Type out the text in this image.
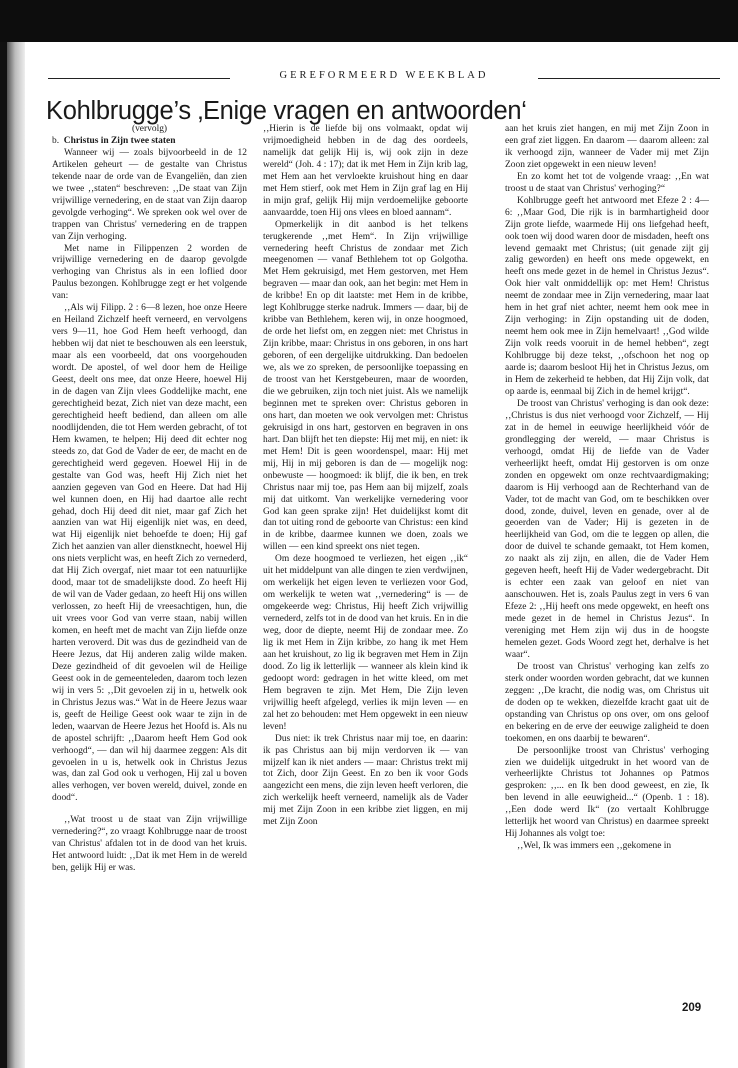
GEREFORMEERD WEEKBLAD
Kohlbrugge’s ‚Enige vragen en antwoorden‘

(vervolg)

b. Christus in Zijn twee staten

Wanneer wij — zoals bijvoorbeeld in de 12 Artikelen geheurt — de gestalte van Christus tekende naar de orde van de Evangeliën, dan zien we twee ‚‚staten“ beschreven: ‚‚De staat van Zijn vrijwillige vernedering, en de staat van Zijn daarop gevolgde verhoging“. We spreken ook wel over de trappen van Christus' vernedering en de trappen van Zijn verhoging.

Met name in Filippenzen 2 worden de vrijwillige vernedering en de daarop gevolgde verhoging van Christus als in een loflied door Paulus bezongen. Kohlbrugge zegt er het volgende van:

‚‚Als wij Filipp. 2 : 6—8 lezen, hoe onze Heere en Heiland Zichzelf heeft verneerd, en vervolgens vers 9—11, hoe God Hem heeft verhoogd, dan hebben wij dat niet te beschouwen als een leerstuk, maar als een voorbeeld, dat ons voorgehouden wordt. De apostel, of wel door hem de Heilige Geest, deelt ons mee, dat onze Heere, hoewel Hij in de dagen van Zijn vlees Goddelijke macht, ene gerechtigheid bezat, Zich niet van deze macht, een gerechtigheid heeft bediend, dan alleen om alle noodlijdenden, die tot Hem werden gebracht, of tot Hem kwamen, te helpen; Hij deed dit echter nog steeds zo, dat God de Vader de eer, de macht en de gerechtigheid werd gegeven. Hoewel Hij in de gestalte van God was, heeft Hij Zich niet het aanzien gegeven van God en Heere. Dat had Hij wel kunnen doen, en Hij had daartoe alle recht gehad, doch Hij deed dit niet, maar gaf Zich het aanzien van wat Hij eigenlijk niet was, en deed, wat Hij eigenlijk niet behoefde te doen; Hij gaf Zich het aanzien van aller dienstknecht, hoewel Hij ons niets verplicht was, en heeft Zich zo vernederd, dat Hij Zich overgaf, niet maar tot een natuurlijke dood, maar tot de smadelijkste dood. Zo heeft Hij de wil van de Vader gedaan, zo heeft Hij ons willen verlossen, zo heeft Hij de vreesachtigen, hun, die uit vrees voor God van verre staan, nabij willen komen, en heeft met de macht van Zijn liefde onze harten veroverd. Dit was dus de gezindheid van de Heere Jezus, dat Hij anderen zalig wilde maken. Deze gezindheid of dit gevoelen wil de Heilige Geest ook in de gemeenteleden, daarom toch lezen wij in vers 5: ‚‚Dit gevoelen zij in u, hetwelk ook in Christus Jezus was.“ Wat in de Heere Jezus waar is, geeft de Heilige Geest ook waar te zijn in de leden, waarvan de Heere Jezus het Hoofd is. Als nu de apostel schrijft: ‚‚Daarom heeft Hem God ook verhoogd“, — dan wil hij daarmee zeggen: Als dit gevoelen in u is, hetwelk ook in Christus Jezus was, dan zal God ook u verhogen, Hij zal u boven alles verhogen, ver boven wereld, duivel, zonde en dood“.

‚‚Wat troost u de staat van Zijn vrijwillige vernedering?“, zo vraagt Kohlbrugge naar de troost van Christus' afdalen tot in de dood van het kruis. Het antwoord luidt: ‚‚Dat ik met Hem in de wereld ben, gelijk Hij er was.

‚‚Hierin is de liefde bij ons volmaakt, opdat wij vrijmoedigheid hebben in de dag des oordeels, namelijk dat gelijk Hij is, wij ook zijn in deze wereld“ (Joh. 4 : 17); dat ik met Hem in Zijn krib lag, met Hem aan het vervloekte kruishout hing en daar met Hem stierf, ook met Hem in Zijn graf lag en Hij in mijn graf, gelijk Hij mijn verdoemelijke geboorte aanvaardde, toen Hij ons vlees en bloed aannam“.

Opmerkelijk in dit aanbod is het telkens terugkerende ‚‚met Hem“. In Zijn vrijwillige vernedering heeft Christus de zondaar met Zich meegenomen — vanaf Bethlehem tot op Golgotha. Met Hem gekruisigd, met Hem gestorven, met Hem begraven — maar dan ook, aan het begin: met Hem in de kribbe! En op dit laatste: met Hem in de kribbe, legt Kohlbrugge sterke nadruk. Immers — daar, bij de kribbe van Bethlehem, keren wij, in onze hoogmoed, de orde het liefst om, en zeggen niet: met Christus in Zijn kribbe, maar: Christus in ons geboren, in ons hart geboren, of een dergelijke uitdrukking. Dan bedoelen we, als we zo spreken, de persoonlijke toepassing en de troost van het Kerstgebeuren, maar de woorden, die we gebruiken, zijn toch niet juist. Als we namelijk beginnen met te spreken over: Christus geboren in ons hart, dan moeten we ook vervolgen met: Christus gekruisigd in ons hart, gestorven en begraven in ons hart. Dan blijft het ten diepste: Hij met mij, en niet: ik met Hem! Dit is geen woordenspel, maar: Hij met mij, Hij in mij geboren is dan de — mogelijk nog: onbewuste — hoogmoed: ik blijf, die ik ben, en trek Christus naar mij toe, pas Hem aan bij mijzelf, zoals mij dat uitkomt. Van werkelijke vernedering voor God kan geen sprake zijn! Het duidelijkst komt dit dan tot uiting rond de geboorte van Christus: een kind in de kribbe, daarmee kunnen we doen, zoals we willen — een kind spreekt ons niet tegen.

Om deze hoogmoed te verliezen, het eigen ‚‚ik“ uit het middelpunt van alle dingen te zien verdwijnen, om werkelijk het eigen leven te verliezen voor God, om werkelijk te weten wat ‚‚vernedering“ is — de omgekeerde weg: Christus, Hij heeft Zich vrijwillig vernederd, zelfs tot in de dood van het kruis. En in die weg, door de diepte, neemt Hij de zondaar mee. Zo lig ik met Hem in Zijn kribbe, zo hang ik met Hem aan het kruishout, zo lig ik begraven met Hem in Zijn dood. Zo lig ik letterlijk — wanneer als klein kind ik gedoopt word: gedragen in het witte kleed, om met Hem begraven te zijn. Met Hem, Die Zijn leven vrijwillig heeft afgelegd, verlies ik mijn leven — en zal het zo behouden: met Hem opgewekt in een nieuw leven!

Dus niet: ik trek Christus naar mij toe, en daarin: ik pas Christus aan bij mijn verdorven ik — van mijzelf kan ik niet anders — maar: Christus trekt mij tot Zich, door Zijn Geest. En zo ben ik voor Gods aangezicht een mens, die zijn leven heeft verloren, die zich werkelijk heeft verneerd, namelijk als de Vader mij met Zijn Zoon in een kribbe ziet liggen, en mij met Zijn Zoon

aan het kruis ziet hangen, en mij met Zijn Zoon in een graf ziet liggen. En daarom — daarom alleen: zal ik verhoogd zijn, wanneer de Vader mij met Zijn Zoon ziet opgewekt in een nieuw leven!

En zo komt het tot de volgende vraag: ‚‚En wat troost u de staat van Christus' verhoging?“

Kohlbrugge geeft het antwoord met Efeze 2 : 4—6: ‚‚Maar God, Die rijk is in barmhartigheid door Zijn grote liefde, waarmede Hij ons liefgehad heeft, ook toen wij dood waren door de misdaden, heeft ons levend gemaakt met Christus; (uit genade zijt gij zalig geworden) en heeft ons mede opgewekt, en heeft ons mede gezet in de hemel in Christus Jezus“. Ook hier valt onmiddellijk op: met Hem! Christus neemt de zondaar mee in Zijn vernedering, maar laat hem in het graf niet achter, neemt hem ook mee in Zijn verhoging: in Zijn opstanding uit de doden, neemt hem ook mee in Zijn hemelvaart! ‚‚God wilde Zijn volk reeds vooruit in de hemel hebben“, zegt Kohlbrugge bij deze tekst, ‚‚ofschoon het nog op aarde is; daarom besloot Hij het in Christus Jezus, om in Hem de zekerheid te hebben, dat Hij Zijn volk, dat op aarde is, eenmaal bij Zich in de hemel krijgt“.

De troost van Christus' verhoging is dan ook deze: ‚‚Christus is dus niet verhoogd voor Zichzelf, — Hij zat in de hemel in eeuwige heerlijkheid vóór de grondlegging der wereld, — maar Christus is verhoogd, omdat Hij de liefde van de Vader verheerlijkt heeft, omdat Hij gestorven is om onze zonden en opgewekt om onze rechtvaardigmaking; daarom is Hij verhoogd aan de Rechterhand van de Vader, tot de macht van God, om te beschikken over dood, zonde, duivel, leven en genade, over al de geoerden van de Vader; Hij is gezeten in de heerlijkheid van God, om die te leggen op allen, die door de duivel te schande gemaakt, tot Hem komen, zo naakt als zij zijn, en allen, die de Vader Hem gegeven heeft, heeft Hij de Vader wedergebracht. Dit is echter een zaak van geloof en niet van aanschouwen. Het is, zoals Paulus zegt in vers 6 van Efeze 2: ‚‚Hij heeft ons mede opgewekt, en heeft ons mede gezet in de hemel in Christus Jezus“. In vereniging met Hem zijn wij dus in de hoogste hemelen gezet. Gods Woord zegt het, derhalve is het waar“.

De troost van Christus' verhoging kan zelfs zo sterk onder woorden worden gebracht, dat we kunnen zeggen: ‚‚De kracht, die nodig was, om Christus uit de doden op te wekken, diezelfde kracht gaat uit de opstanding van Christus op ons over, om ons geloof en bekering en de erve der eeuwige zaligheid te doen toekomen, en ons daarbij te bewaren“.

De persoonlijke troost van Christus' verhoging zien we duidelijk uitgedrukt in het woord van de verheerlijkte Christus tot Johannes op Patmos gesproken: ‚‚... en Ik ben dood geweest, en zie, Ik ben levend in alle eeuwigheid...“ (Openb. 1 : 18). ‚‚Een dode werd Ik“ (zo vertaalt Kohlbrugge letterlijk het woord van Christus) en daarmee spreekt Hij Johannes als volgt toe:

‚‚Wel, Ik was immers een ‚‚gekomene in

209
